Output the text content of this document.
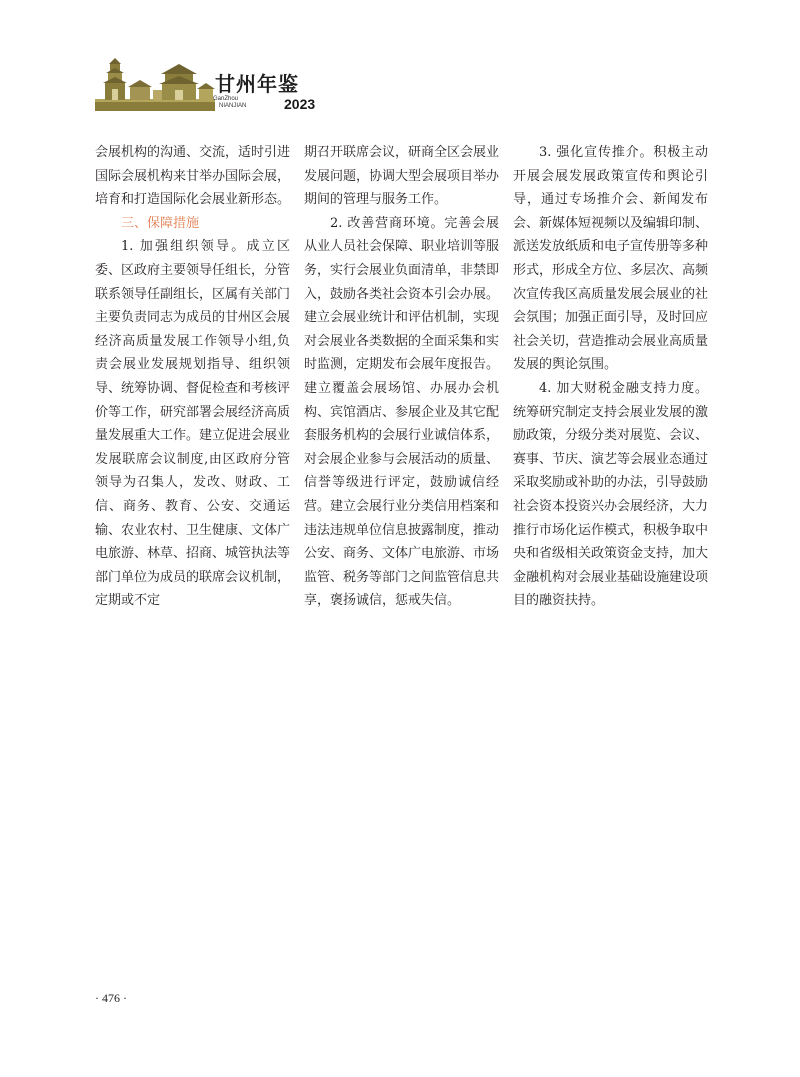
甘州年鉴
GanZhou
NIANJIAN	2023

会展机构的沟通、交流，适时引进国际会展机构来甘举办国际会展，培育和打造国际化会展业新形态。

三、保障措施

1. 加强组织领导。成立区委、区政府主要领导任组长，分管联系领导任副组长，区属有关部门主要负责同志为成员的甘州区会展经济高质量发展工作领导小组,负责会展业发展规划指导、组织领导、统筹协调、督促检查和考核评价等工作，研究部署会展经济高质量发展重大工作。建立促进会展业发展联席会议制度,由区政府分管领导为召集人，发改、财政、工信、商务、教育、公安、交通运输、农业农村、卫生健康、文体广电旅游、林草、招商、城管执法等部门单位为成员的联席会议机制，定期或不定

期召开联席会议，研商全区会展业发展问题，协调大型会展项目举办期间的管理与服务工作。

2. 改善营商环境。完善会展从业人员社会保障、职业培训等服务，实行会展业负面清单，非禁即入，鼓励各类社会资本引会办展。建立会展业统计和评估机制，实现对会展业各类数据的全面采集和实时监测，定期发布会展年度报告。建立覆盖会展场馆、办展办会机构、宾馆酒店、参展企业及其它配套服务机构的会展行业诚信体系，对会展企业参与会展活动的质量、信誉等级进行评定，鼓励诚信经营。建立会展行业分类信用档案和违法违规单位信息披露制度，推动公安、商务、文体广电旅游、市场监管、税务等部门之间监管信息共享，褒扬诚信，惩戒失信。

3. 强化宣传推介。积极主动开展会展发展政策宣传和舆论引导，通过专场推介会、新闻发布会、新媒体短视频以及编辑印制、派送发放纸质和电子宣传册等多种形式，形成全方位、多层次、高频次宣传我区高质量发展会展业的社会氛围；加强正面引导，及时回应社会关切，营造推动会展业高质量发展的舆论氛围。

4. 加大财税金融支持力度。统筹研究制定支持会展业发展的激励政策，分级分类对展览、会议、赛事、节庆、演艺等会展业态通过采取奖励或补助的办法，引导鼓励社会资本投资兴办会展经济，大力推行市场化运作模式，积极争取中央和省级相关政策资金支持，加大金融机构对会展业基础设施建设项目的融资扶持。

· 476 ·
